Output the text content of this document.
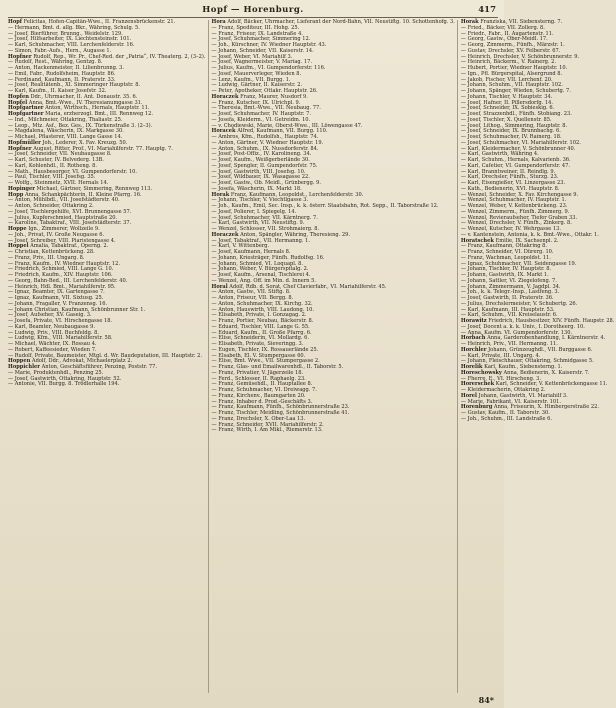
Hopf — Horenburg.	417

Hopf Felicitas, Hofen-Capitän-Wwe., II. Franzensbrückenstr. 21.

— Hermann, Bmt. d. allg. Bkr., Währing, Schulg. 5.

— Josef, Bierführer, Brunng., Weidelstr. 129.

— Josef, Hilfsarbeiter, IX. Liechtensteinstr. 101.

— Karl, Schuhmacher, VIII. Lerchenfelderstr. 16.

— Simon, Fabr.-Aufs., Hern., Augasse 1.

Hopfner Rudolf, Rep., Wr. Pr., Chef-Red. der „Patria“, IV. Theaterg. 2, (3–2).

— Rudolf, Rest., Währing, Gentzg. 8.

— Anton, Hackenmeister, II. Lilienbrunng. 3.

— Emil, Fabr., Rudolfsheim, Hauptstr. 86.

— Ferdinand, Kaufmann, II. Praterstr. 33.

— Josef, Realitätenb., XI. Simmeringer Hauptstr. 8.

— Karl, Kaufm., II. Kaiser Josefstr. 32.

Hopfen Ddr., Uhrmacher, II. Ant. Donaustr. 35. 6.

Hopfel Anna, Bmt.-Wwe., IV. Theresianumgasse 31.

Hopfgartner Anton, Wirthsch., Hernals, Hauptstr. 11.

Hopfgartner Maria, erzherzogl. Bmt., III. Rennweg 12.

— Ind., Milchmeier, Ottakring, Thaliastr. 25.

— Leop., Mtz. Asf., Bez. Ges., IX. Türkenstraße 3. (2–3).

— Magdalena, Wäscherin, IX. Markgasse 30.

— Michael, Pflasterer, VIII. Lange Gasse 14.

Hopfmüller Joh., Lederer, X. Fav. Kreuzg. 50.

Hopfner August, Ritter, Prof., VI. Mariahilferstr. 77. Hauptg. 7.

— Josef, Schneider, VII. Neubaugasse 8.

— Karl, Schuster, IV. Belvederg. 13B.

— Karl, Kohlenhdl., II. Rotheng. 8.

— Math., Hausbesorger, VI. Gumpendorferstr. 10.

— Paul, Tischler, VIII. Josefsg. 35.

— Wolfg., Steinmetz, XVII. Hernals 14.

Hopinger Michael, Gärtner, Simmering, Rennweg 113.

Hopp Anna, Schankpächterin, II. Kleine Pfarrg. 16.

— Anton, Mühlbdl., VII. Josefstädterstr. 40.

— Anton, Schneider, Ottakring 2.

— Josef, Tischlergehilfe, XVI. Brunnengasse 57.

— Julius, Kupferschmied, Hauptstraße 20.

— Karoline, Tabaktraf., VIII. Josefstädterstr. 37.

Hoppe Ign., Zimmerer, Wollzeile 9.

— Joh., Privat, IV. Große Neugasse 6.

— Josef, Schreiber, VIII. Piaristengasse 4.

Hoppel Amalia, Tabaktraf., Operng. 2.

— Christian, Kettenbrückeng. 28.

— Franz, Priv., III. Ungarg. 8.

— Franz, Kaufm., IV. Wiedner Hauptstr. 12.

— Friedrich, Schmied, VIII. Lange G. 10.

— Friedrich, Kaufm., XIV. Hauptstr. 106.

— Georg, Bahn-Bed., III. Lerchenfelderstr. 40.

— Heinrich, Hdl. Bmt., Mariahilferstr. 95.

— Ignaz, Beamter, IX. Gartengasse 7.

— Ignaz, Kaufmann, VII. Sixtusg. 25.

— Johann, Fragaller, V. Franzensg. 16.

— Johann Christian, Kaufmann, Schönbrunner Str. 1.

— Josef, Aufseher, XV. Gaseig. 3.

— Josefa, Private, VI. Hirschengasse 18.

— Karl, Beamter, Neubaugasse 9.

— Ludwig, Priv., VIII. Buchfeldg. 8.

— Ludwig, Kfm., VIII. Mariahilferstr. 58.

— Michael, Wächter, IX. Rossau 4.

— Robert, Kaffeesieder, Wieden 7.

— Rudolf, Private, Baumeister, Mtgl. d. Wr. Baudeputation, III. Hauptstr. 2.

Hoppen Adolf, Ddr., Advokat, Michaelerplatz 2.

Hoppichler Anton, Geschäftsführer, Penzing, Poststr. 77.

— Marie, Produktenhdl., Penzing 25.

— Josef, Gastwirth, Ottakring, Hauptstr. 52.

— Antonie, VII. Burgg. 8. Trödlerhalle 194.

Hora Adolf, Bäcker, Uhrmacher, Lieferant der Nord-Bahn, VII. Neustiftg. 10. Schottenhofg. 3.

— Franz, Spediteur, III. Hohg. 25.

— Franz, Friseur, IX. Landstraße 4.

— Josef, Schuhmacher, Simmering 12.

— Joh., Kürschner, IV. Wiedner Hauptstr. 43.

— Johann, Schneider, VII. Kaiserstr. 14.

— Josef, Weber, VI. Mariahilf 3.

— Josef, Wagnermeister, V. Mariag. 17.

— Julius, Kaufm., VI. Gumpendorferstr. 116.

— Josef, Mauerverleger, Wieden 8.

— Lenz, Kaufm., VII. Burgg. 1.

— Ludwig, Gärtner, II. Kaiserstr. 2.

— Peter, Apotheker, Ottakr. Hauptstr. 26.

Horaczek Franz, Maurer, Nusdorf 9.

— Franz, Kutscher, IX. Ulrichpl. 9.

— Theresia, Bmt.-Wwe., VII. Neubaug. 77.

— Josef, Schuhmacher, IV. Hauptstr. 7.

— Josefa, Kleiderm., VI. Getreidm. 10.

— v. Chodiewski, Marie, Oberst-Wwe., III. Löwengasse 47.

Horacek Alfred, Kaufmann, VII. Burgg. 110.

— Ambros, Kfm., Rudolfsh., Hauptstr. 74.

— Anton, Gärtner, V. Wiedner Hauptstr. 19.

— Anton, Schuhm., IX. Nussdorferstr. 84.

— Josef, Post-Offiz., IV. Karolineng. 34.

— Josef, Kaufm., Weißgerberlände 30.

— Josef, Spengler, II. Gumpendorfstr. 75.

— Josef, Gastwirth, VIII. Josefsg. 10.

— Josef, Wildbauer, IX. Wasagasse 22.

— Josef, Gastw., Ob. Meidl., Grünbergg. 9.

— Josefa, Wäscherin, IX. Markt 18.

Horak Franz, Kaufmann, Leopoldst., Lerchenfelderstr. 30.

— Johann, Tischler, V. Viechtlgasse 3.

— Joh., Kaufm., Emil, Sec. Insp., k. k. österr. Staatsbahn, Rot. Sepp., II. Taborstraße 12.

— Josef, Polierer, I. Spiegelg. 14.

— Josef, Schuhmacher, VII. Kärntnerg. 7.

— Karl, Gastwirth, VII. Neustiftg. 9.

— Wenzel, Schlosser, VII. Strohmaierg. 8.

Horaczek Anton, Spängler, Währing, Theresieng. 29.

— Josef, Tabaktraf., VII. Hermanng. 1.

— Karl, V. Wittenberg.

— Josef, Kaufmann, Hernals 8.

— Johann, Kriesträger, Fünfh. Rudolfsg. 16.

— Johann, Schmied, VI. Loquapl. 8.

— Johann, Weber, V. Bürgerspitalg. 2.

— Josef, Kaufm., Arsenal, Tischlerei 4.

— Wenzel, Ang. Off. im Min. d. Innern 5.

Horal Adolf, Rdb. d. Sorat, Chef Clavierfabr., VI. Mariahilferstr. 45.

— Anton, Gastw., VII. Stiftg. 8.

— Anton, Friseur, VII. Bergg. 8.

— Anton, Schuhmacher, IX. Kirchg. 32.

— Anton, Hauswirth, VIII. Laudong. 10.

— Elisabeth, Private, I. Gonzagag. 2.

— Franz, Portier, Neubau, Bäckerstr. 8.

— Eduard, Tischler, VIII. Lange G. 55.

— Eduard, Kaufm., II. Große Pfarrg. 6.

— Elise, Schneiderin, VI. Mollardg. 6.

— Elisabeth, Private, Sieveringg. 3.

— Eugen, Tischler, IX. Rossauerlände 25.

— Elsabeth, El. V. Stumpergasse 60.

— Elise, Bmt. Wwe., VII. Stumpergasse 2.

— Franz, Glas- und Emailwarenhdl., II. Taborstr. 5.

— Franz, Privatier, V. Jägerzeile 18.

— Ferd., Schlosser, II. Raphaelg. 23.

— Franz, Gemüsehdl., II. Hauptallee 8.

— Franz, Schuhmacher, VI. Dreiwagg. 7.

— Franz, Kirchenv., Baumgarten 20.

— Franz, Inhaber d. Prod.-Geschäfts 3.

— Franz, Kaufmann, Fünfh., Schönbrunnerstraße 23.

— Franz, Tischler, Meidling, Schönbrunnerstraße 41.

— Franz, Drechsler, X. Ober-Laa 13.

— Franz, Schneider, XVII. Mariahilferstr. 2.

— Franz, Wirth, I. Am Mikl., Riemerstr. 13.

Horak Franziska, VII. Siebensterng. 7.

— Fried., Bäcker, VII. Zollerg. 8.

— Friedr., Fabr., II. Augartenstr. 11.

— Georg, Gastw., Ober-Meidl. 17.

— Georg, Zimmerm., Fünfh., Märzstr. 1.

— Gustav, Drechsler, XV. Felberstr. 67.

— Heinrich, Drechsler, V. Schönbrunnerstr. 9.

— Heinrich, Bäckerm., V. Rainerg. 2.

— Hubert, Portier, Wiedner Hauptstr. 10.

— Ign., Pfl. Bürgerspital, Alsergrund 8.

— Jakob, Fischer, VII. Lerchenf. 20.

— Johann, Schuhm., VII. Hauptstr. 102.

— Johann, Spänger, Wieden, Schubertg. 7.

— Johann, Tischler, V. Hauptstr. 34.

— Josef, Hafner, II. Pillersdorfg. 14.

— Josef, Schneider, IX. Sobieskig. 6.

— Josef, Strazzenhdl., Fünfh. Stobiang. 23.

— Josef, Tischler, X. Quellenstr. 85.

— Josef, Lithog., Simmering, Hauptstr. 8.

— Josef, Schneider, IX. Brunnbachg. 6.

— Josef, Schuhmacher, IV. Rainerg. 18.

— Josef, Schuhmacher, VI. Mariahilferstr. 102.

— Karl, Kleidermacher, V. Schönbrunner 40.

— Karl, Gastwirth, Währing 4.

— Karl, Schuhm., Hernals, Kalvarienb. 36.

— Karl, Cafetier, VI. Gumpendorferstr. 47.

— Karl, Branntweiner, II. Reindlg. 9.

— Karl, Drechsler, Fünfh., Sturzg. 23.

— Karl, Eisengießer, VI. Linzergasse 23.

— Kath., Bedienerin, XVI. Hauptstr. 8.

— Wenzel, Schneider, X. Fav. Kirchengasse 9.

— Wenzel, Schuhmacher, IV. Hauptstr. 1.

— Wenzel, Weber, V. Kettenbrückeng. 23.

— Wenzel, Zimmerm., Fünfh. Zimmerg. 9.

— Wenzel, Revieraufseher, Tiefer Graben 33.

— Wenzel, Drechsler, V. Fünfh., Zinkerg. 8.

— Wenzel, Kutscher, IV. Wehrgasse 13.

— v. Kantenstein, Antonia, k. k. Bmt.-Wwe., Ottakr. 1.

Horatschek Emilie, IX. Sachsenpl. 2.

— Franz, Kaufmann, Ottakring 8.

— Franz, Schneider, VI. Dürerg. 10.

— Franz, Wachman, Leopoldst. 11.

— Ignaz, Schuhmacher, VII. Seidengasse 19.

— Johann, Tischler, IV. Hauptstr. 8.

— Johann, Gastwirth, IX. Markt 1.

— Johann, Sattler, VI. Ziegelofeng. 7.

— Johann, Zimmermann, V. Jagdpl. 34.

— Joh., k. k. Telegr.-Insp., Lastfeng. 3.

— Josef, Gastwirth, II. Praterstr. 36.

— Julius, Drechslermeister, V. Schubertg. 26.

— Karl, Kaufmann, III. Hauptstr. 53.

— Karl, Schuhm., VII. Kreiselaustr. 6.

Horawitz Friedrich, Hausbesitzer, XIV. Fünfh. Haupstr. 28.

— Josef, Docent a. k. k. Univ., I. Dorotheerg. 10.

— Anna, Kaufm. VI. Gumpendorferstr. 130.

Horbach Anna, Garderobenhandlung, I. Kärntnerstr. 4.

— Heinrich, Priv., VII. Hermanng. 11.

Horchler Johann, Grünzeughdl., VII. Burggasse 6.

— Karl, Private, III. Ungarg. 4.

— Johann, Fleischhauer, Ottakring, Schmidgasse 5.

Horelik Karl, Kaufm., Siebensterng. 1.

Horeschowsky Anna, Bedienerin, X. Kaiserstr. 7.

— Fherre, E., VI. Hirscheng. 3.

Horerschek Karl, Schneider, V. Kettenbrückengasse 11.

— Kleidermacherin, Ottakring 2.

Horel Johann, Gastwirth, VI. Mariahilf 3.

— Marie, Fabrikant, VI. Kaiserstr. 101.

Horenburg Anna, Friseurin, X. Himbergerstraße 22.

— Gustav, Kaufm., II. Taborstr. 30.

— Joh., Schuhm., III. Landstraße 6.

84*
